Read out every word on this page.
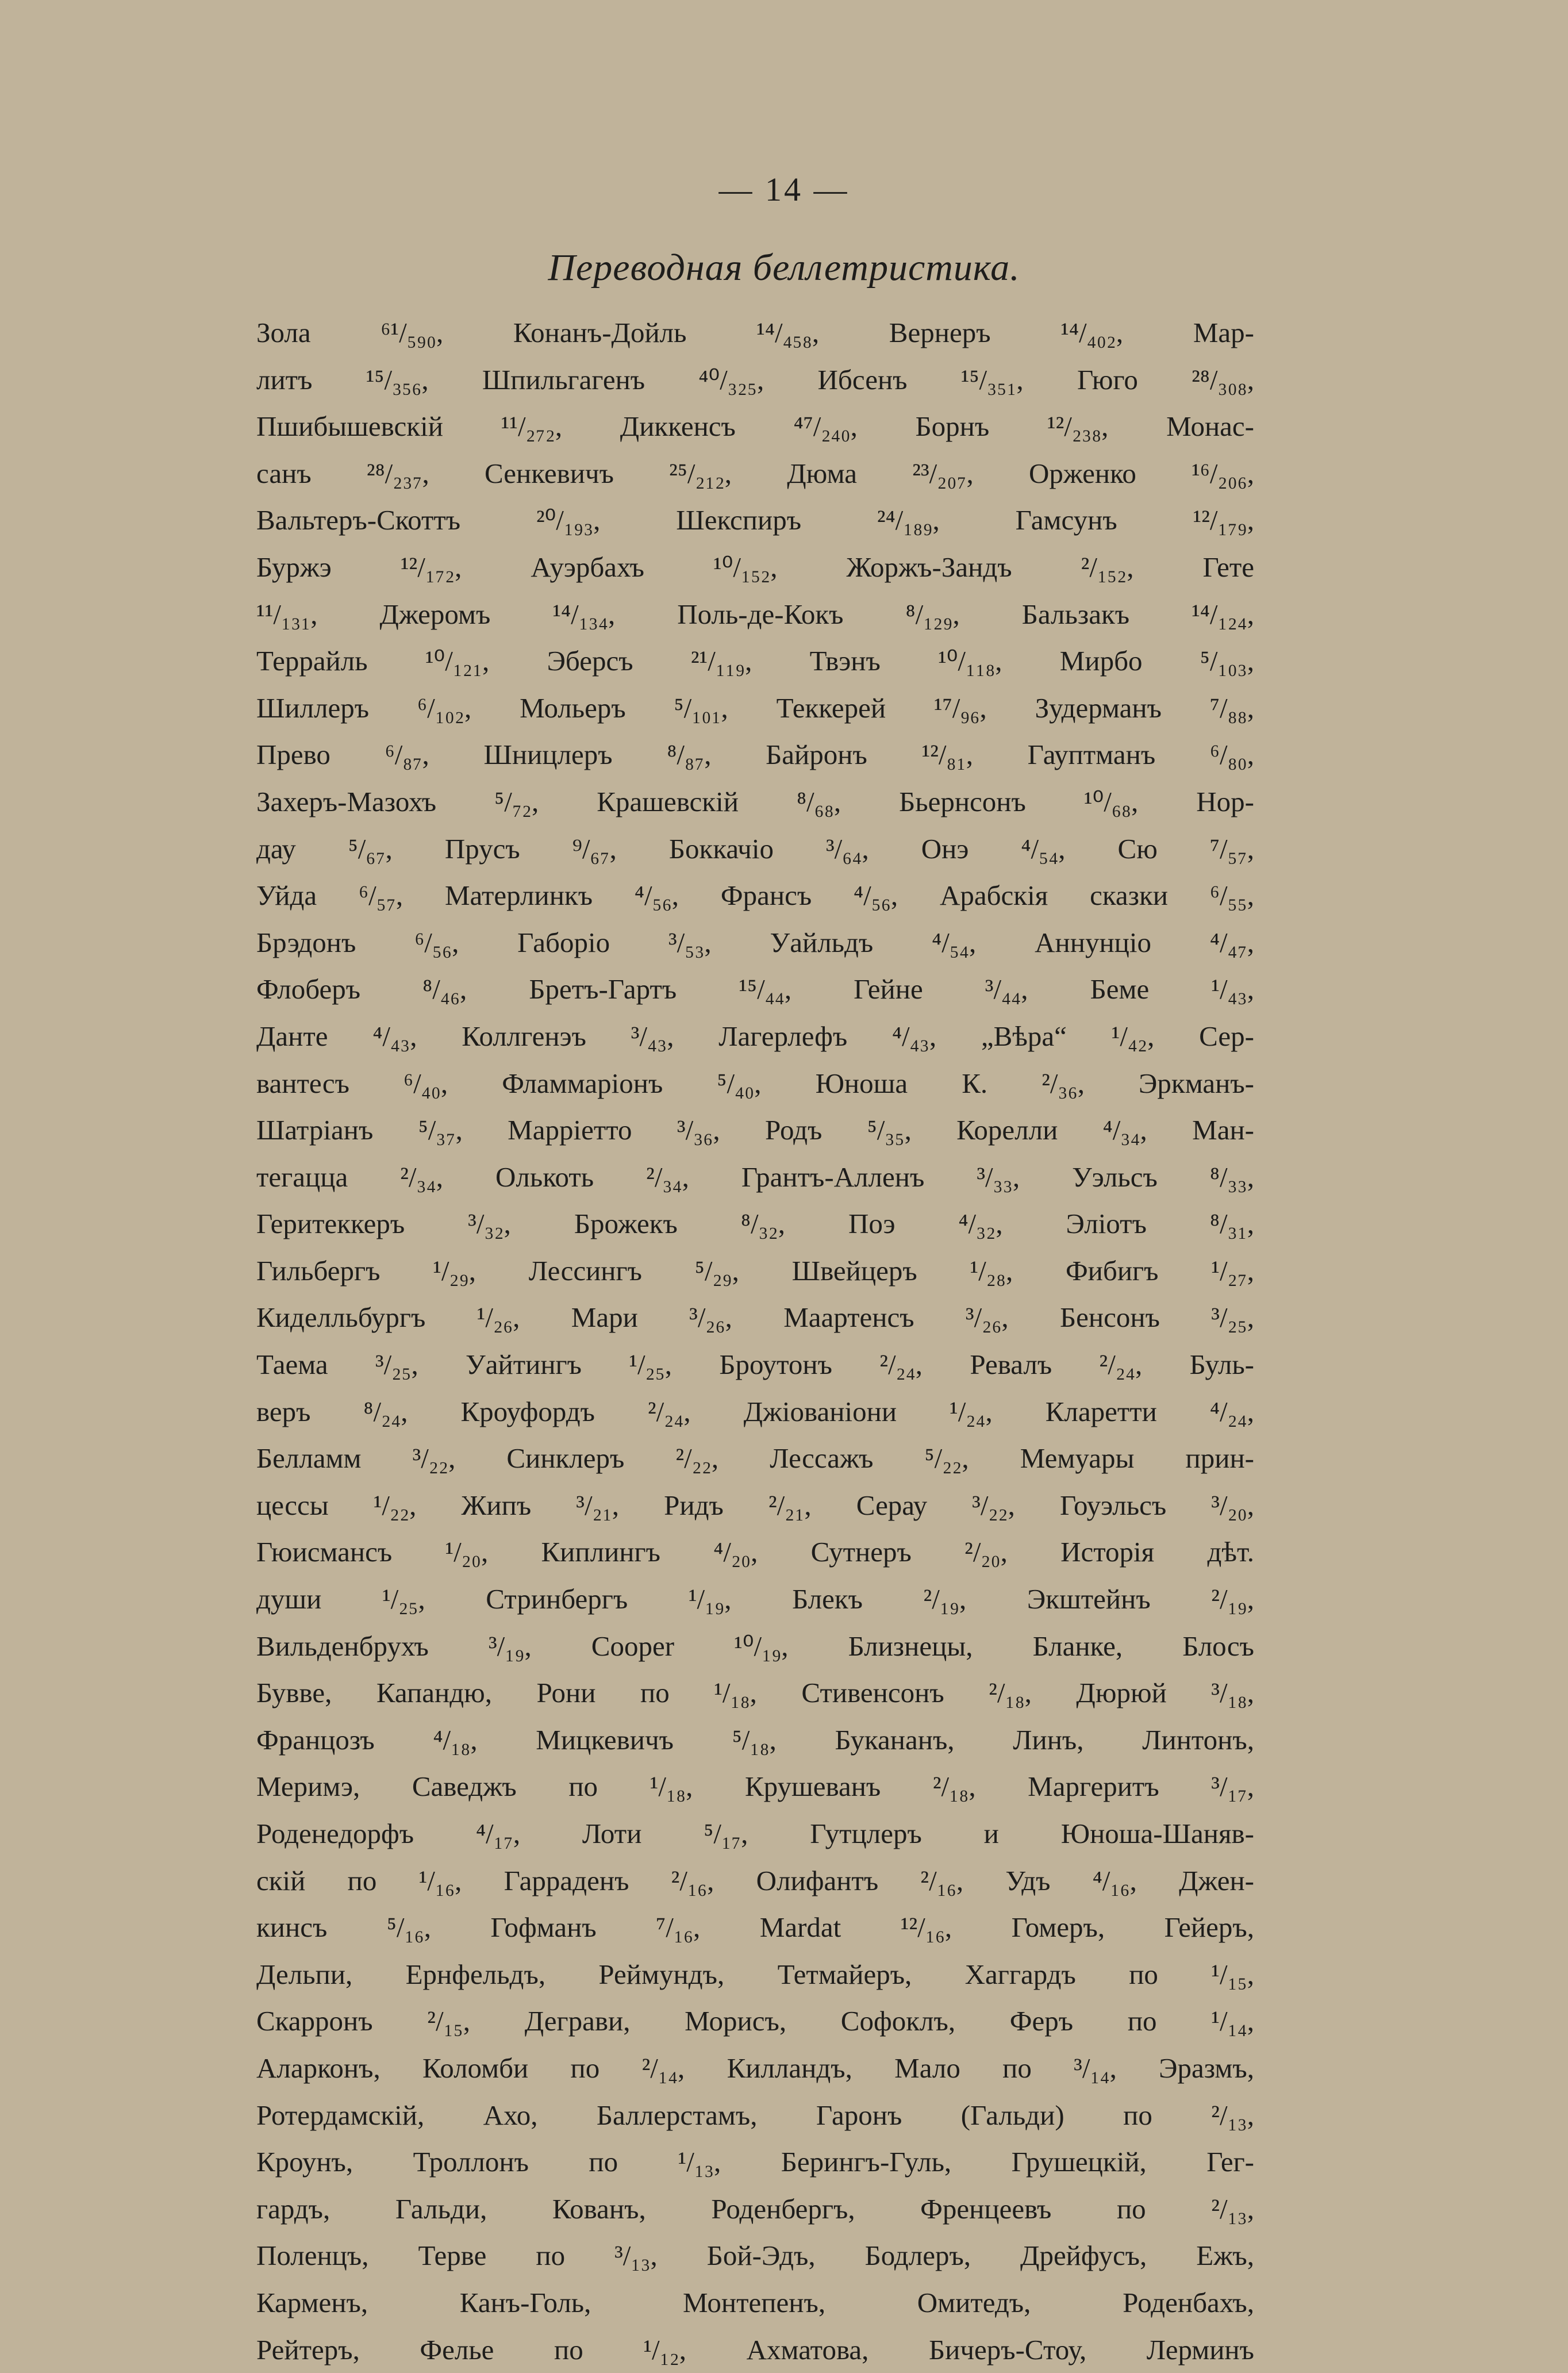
— 14 —
Переводная беллетристика.
Зола ⁶¹/₅₉₀, Конанъ-Дойль ¹⁴/₄₅₈, Вернеръ ¹⁴/₄₀₂, Мар-
литъ ¹⁵/₃₅₆, Шпильгагенъ ⁴⁰/₃₂₅, Ибсенъ ¹⁵/₃₅₁, Гюго ²⁸/₃₀₈,
Пшибышевскій ¹¹/₂₇₂, Диккенсъ ⁴⁷/₂₄₀, Борнъ ¹²/₂₃₈, Монас-
санъ ²⁸/₂₃₇, Сенкевичъ ²⁵/₂₁₂, Дюма ²³/₂₀₇, Орженко ¹⁶/₂₀₆,
Вальтеръ-Скоттъ ²⁰/₁₉₃, Шекспиръ ²⁴/₁₈₉, Гамсунъ ¹²/₁₇₉,
Буржэ ¹²/₁₇₂, Ауэрбахъ ¹⁰/₁₅₂, Жоржъ-Зандъ ²/₁₅₂, Гете
¹¹/₁₃₁, Джеромъ ¹⁴/₁₃₄, Поль-де-Кокъ ⁸/₁₂₉, Бальзакъ ¹⁴/₁₂₄,
Террайль ¹⁰/₁₂₁, Эберсъ ²¹/₁₁₉, Твэнъ ¹⁰/₁₁₈, Мирбо ⁵/₁₀₃,
Шиллеръ ⁶/₁₀₂, Мольеръ ⁵/₁₀₁, Теккерей ¹⁷/₉₆, Зудерманъ ⁷/₈₈,
Прево ⁶/₈₇, Шницлеръ ⁸/₈₇, Байронъ ¹²/₈₁, Гауптманъ ⁶/₈₀,
Захеръ-Мазохъ ⁵/₇₂, Крашевскій ⁸/₆₈, Бьернсонъ ¹⁰/₆₈, Нор-
дау ⁵/₆₇, Прусъ ⁹/₆₇, Боккачіо ³/₆₄, Онэ ⁴/₅₄, Сю ⁷/₅₇,
Уйда ⁶/₅₇, Матерлинкъ ⁴/₅₆, Франсъ ⁴/₅₆, Арабскія сказки ⁶/₅₅,
Брэдонъ ⁶/₅₆, Габоріо ³/₅₃, Уайльдъ ⁴/₅₄, Аннунціо ⁴/₄₇,
Флоберъ ⁸/₄₆, Бретъ-Гартъ ¹⁵/₄₄, Гейне ³/₄₄, Беме ¹/₄₃,
Данте ⁴/₄₃, Коллгенэъ ³/₄₃, Лагерлефъ ⁴/₄₃, „Вѣра“ ¹/₄₂, Сер-
вантесъ ⁶/₄₀, Фламмаріонъ ⁵/₄₀, Юноша К. ²/₃₆, Эркманъ-
Шатріанъ ⁵/₃₇, Марріетто ³/₃₆, Родъ ⁵/₃₅, Корелли ⁴/₃₄, Ман-
тегацца ²/₃₄, Олькоть ²/₃₄, Грантъ-Алленъ ³/₃₃, Уэльсъ ⁸/₃₃,
Геритеккеръ ³/₃₂, Брожекъ ⁸/₃₂, Поэ ⁴/₃₂, Эліотъ ⁸/₃₁,
Гильбергъ ¹/₂₉, Лессингъ ⁵/₂₉, Швейцеръ ¹/₂₈, Фибигъ ¹/₂₇,
Киделльбургъ ¹/₂₆, Мари ³/₂₆, Маартенсъ ³/₂₆, Бенсонъ ³/₂₅,
Таема ³/₂₅, Уайтингъ ¹/₂₅, Броутонъ ²/₂₄, Ревалъ ²/₂₄, Буль-
веръ ⁸/₂₄, Кроуфордъ ²/₂₄, Джіованіони ¹/₂₄, Кларетти ⁴/₂₄,
Белламм ³/₂₂, Синклеръ ²/₂₂, Лессажъ ⁵/₂₂, Мемуары прин-
цессы ¹/₂₂, Жипъ ³/₂₁, Ридъ ²/₂₁, Серау ³/₂₂, Гоуэльсъ ³/₂₀,
Гюисмансъ ¹/₂₀, Киплингъ ⁴/₂₀, Сутнеръ ²/₂₀, Исторія дѣт.
души ¹/₂₅, Стринбергъ ¹/₁₉, Блекъ ²/₁₉, Экштейнъ ²/₁₉,
Вильденбрухъ ³/₁₉, Cooper ¹⁰/₁₉, Близнецы, Бланке, Блосъ
Бувве, Капандю, Рони по ¹/₁₈, Стивенсонъ ²/₁₈, Дюрюй ³/₁₈,
Францозъ ⁴/₁₈, Мицкевичъ ⁵/₁₈, Букананъ, Линъ, Линтонъ,
Меримэ, Саведжъ по ¹/₁₈, Крушеванъ ²/₁₈, Маргеритъ ³/₁₇,
Роденедорфъ ⁴/₁₇, Лоти ⁵/₁₇, Гутцлеръ и Юноша-Шаняв-
скій по ¹/₁₆, Гарраденъ ²/₁₆, Олифантъ ²/₁₆, Удъ ⁴/₁₆, Джен-
кинсъ ⁵/₁₆, Гофманъ ⁷/₁₆, Mardat ¹²/₁₆, Гомеръ, Гейеръ,
Дельпи, Ернфельдъ, Реймундъ, Тетмайеръ, Хаггардъ по ¹/₁₅,
Скарронъ ²/₁₅, Деграви, Морисъ, Софоклъ, Феръ по ¹/₁₄,
Аларконъ, Коломби по ²/₁₄, Килландъ, Мало по ³/₁₄, Эразмъ,
Ротердамскій, Ахо, Баллерстамъ, Гаронъ (Гальди) по ²/₁₃,
Кроунъ, Троллонъ по ¹/₁₃, Берингъ-Гуль, Грушецкій, Гег-
гардъ, Гальди, Кованъ, Роденбергъ, Френцеевъ по ²/₁₃,
Поленцъ, Терве по ³/₁₃, Бой-Эдъ, Бодлеръ, Дрейфусъ, Ежъ,
Карменъ, Канъ-Голь, Монтепенъ, Омитедъ, Роденбахъ,
Рейтеръ, Фелье по ¹/₁₂, Ахматова, Бичеръ-Стоу, Лерминъ
